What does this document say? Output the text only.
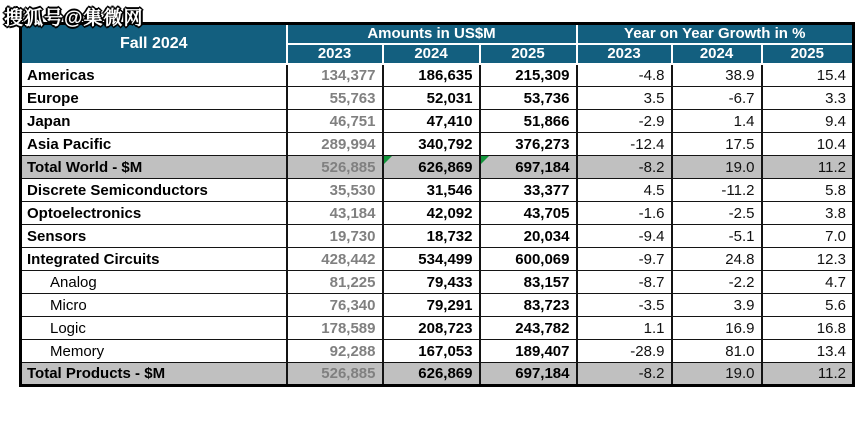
搜狐号@集微网
Fall 2024	Amounts in US$M			Year on Year Growth in %		
	2023	2024	2025	2023	2024	2025
Americas	134,377	186,635	215,309	-4.8	38.9	15.4
Europe	55,763	52,031	53,736	3.5	-6.7	3.3
Japan	46,751	47,410	51,866	-2.9	1.4	9.4
Asia Pacific	289,994	340,792	376,273	-12.4	17.5	10.4
Total World - $M	526,885	626,869	697,184	-8.2	19.0	11.2
Discrete Semiconductors	35,530	31,546	33,377	4.5	-11.2	5.8
Optoelectronics	43,184	42,092	43,705	-1.6	-2.5	3.8
Sensors	19,730	18,732	20,034	-9.4	-5.1	7.0
Integrated Circuits	428,442	534,499	600,069	-9.7	24.8	12.3
Analog	81,225	79,433	83,157	-8.7	-2.2	4.7
Micro	76,340	79,291	83,723	-3.5	3.9	5.6
Logic	178,589	208,723	243,782	1.1	16.9	16.8
Memory	92,288	167,053	189,407	-28.9	81.0	13.4
Total Products - $M	526,885	626,869	697,184	-8.2	19.0	11.2
